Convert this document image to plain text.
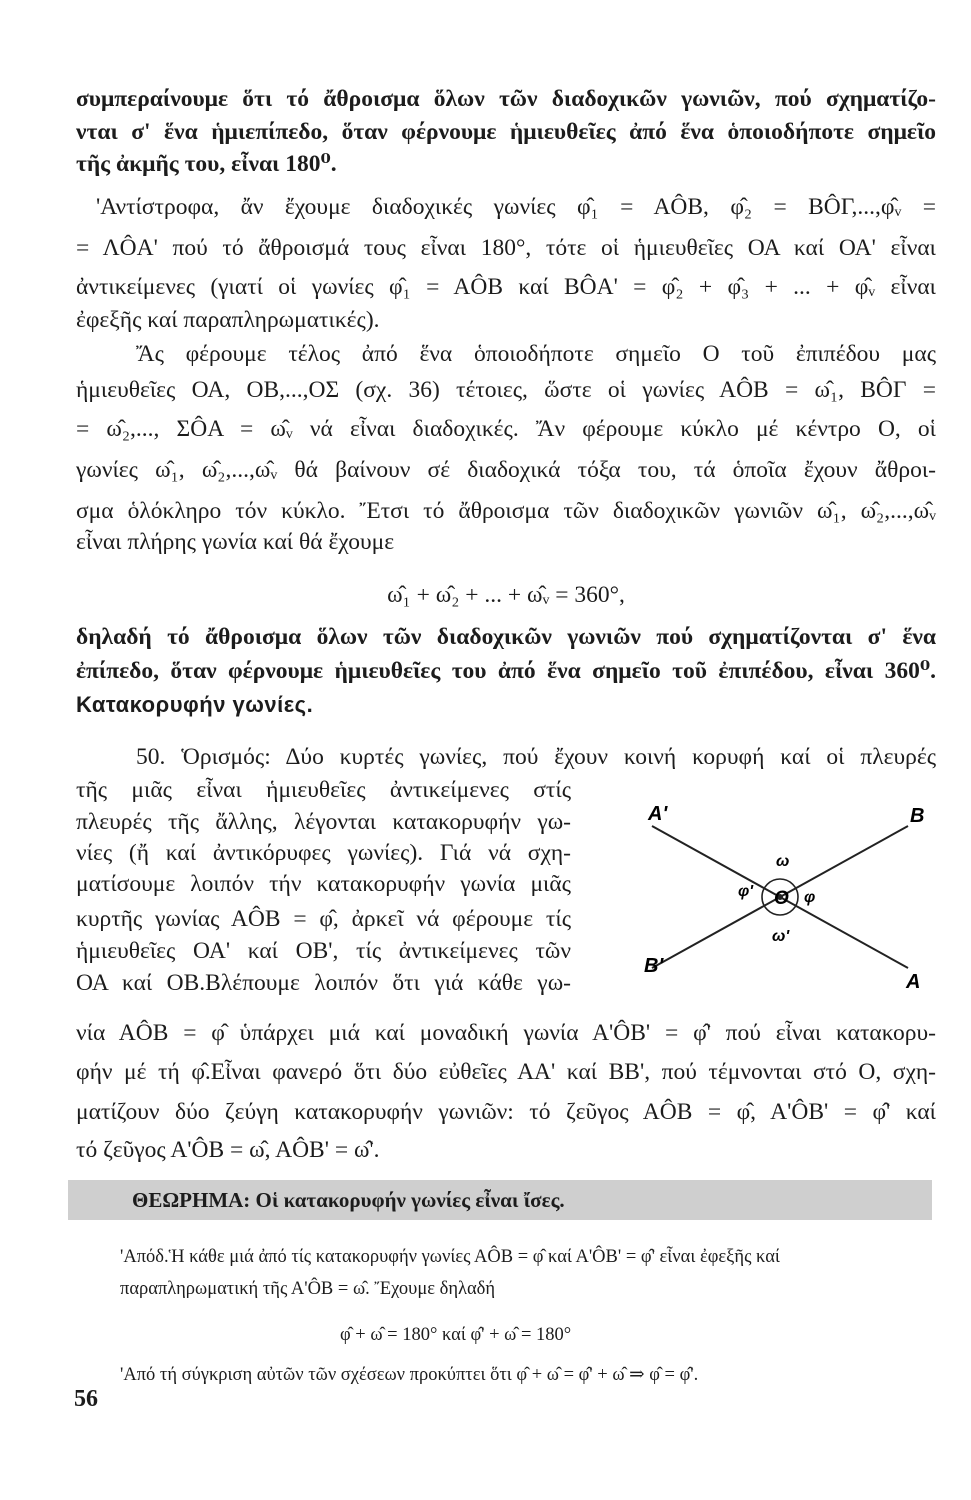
συμπεραίνουμε ὅτι τό ἄθροισμα ὅλων τῶν διαδοχικῶν γωνιῶν, πού σχηματίζο-
νται σ' ἕνα ἡμιεπίπεδο, ὅταν φέρνουμε ἡμιευθεῖες ἀπό ἕνα ὁποιοδήποτε σημεῖο
τῆς ἀκμῆς του, εἶναι 180⁰.
'Αντίστροφα, ἄν ἔχουμε διαδοχικές γωνίες φ̂₁ = ΑÔΒ, φ̂₂ = ΒÔΓ,...,φ̂ᵥ =
= ΛÔΑ' πού τό ἄθροισμά τους εἶναι 180°, τότε οἱ ἡμιευθεῖες ΟΑ καί ΟΑ' εἶναι
ἀντικείμενες (γιατί οἱ γωνίες φ̂₁ = ΑÔΒ καί ΒÔΑ' = φ̂₂ + φ̂₃ + ... + φ̂ᵥ εἶναι
ἐφεξῆς καί παραπληρωματικές).
Ἄς φέρουμε τέλος ἀπό ἕνα ὁποιοδήποτε σημεῖο Ο τοῦ ἐπιπέδου μας
ἡμιευθεῖες ΟΑ, ΟΒ,...,ΟΣ (σχ. 36) τέτοιες, ὥστε οἱ γωνίες ΑÔΒ = ω̂₁, ΒÔΓ =
= ω̂₂,..., ΣÔΑ = ω̂ᵥ νά εἶναι διαδοχικές. Ἄν φέρουμε κύκλο μέ κέντρο Ο, οἱ
γωνίες ω̂₁, ω̂₂,...,ω̂ᵥ θά βαίνουν σέ διαδοχικά τόξα του, τά ὁποῖα ἔχουν ἄθροι-
σμα ὁλόκληρο τόν κύκλο. Ἔτσι τό ἄθροισμα τῶν διαδοχικῶν γωνιῶν ω̂₁, ω̂₂,...,ω̂ᵥ
εἶναι πλήρης γωνία καί θά ἔχουμε
ω̂₁ + ω̂₂ + ... + ω̂ᵥ = 360°,
δηλαδή τό ἄθροισμα ὅλων τῶν διαδοχικῶν γωνιῶν πού σχηματίζονται σ' ἕνα
ἐπίπεδο, ὅταν φέρνουμε ἡμιευθεῖες του ἀπό ἕνα σημεῖο τοῦ ἐπιπέδου, εἶναι 360⁰.
Κατακορυφήν γωνίες.
50. Ὁρισμός: Δύο κυρτές γωνίες, πού ἔχουν κοινή κορυφή καί οἱ πλευρές
τῆς μιᾶς εἶναι ἡμιευθεῖες ἀντικείμενες στίς
πλευρές τῆς ἄλλης, λέγονται κατακορυφήν γω-
νίες (ἤ καί ἀντικόρυφες γωνίες). Γιά νά σχη-
ματίσουμε λοιπόν τήν κατακορυφήν γωνία μιᾶς
κυρτῆς γωνίας ΑÔΒ = φ̂, ἀρκεῖ νά φέρουμε τίς
ἡμιευθεῖες ΟΑ' καί ΟΒ', τίς ἀντικείμενες τῶν
ΟΑ καί ΟΒ.Βλέπουμε λοιπόν ὅτι γιά κάθε γω-
νία ΑÔΒ = φ̂ ὑπάρχει μιά καί μοναδική γωνία Α'ÔΒ' = φ̂' πού εἶναι κατακορυ-
φήν μέ τή φ̂.Εἶναι φανερό ὅτι δύο εὐθεῖες ΑΑ' καί ΒΒ', πού τέμνονται στό Ο, σχη-
ματίζουν δύο ζεύγη κατακορυφήν γωνιῶν: τό ζεῦγος ΑÔΒ = φ̂, Α'ÔΒ' = φ̂' καί
τό ζεῦγος Α'ÔΒ = ω̂, ΑÔΒ' = ω̂'.
A'	B
B'
A
O
ω
ω'
φ
φ'
ΘΕΩΡΗΜΑ: Οἱ κατακορυφήν γωνίες εἶναι ἴσες.
'Απόδ.Ἡ κάθε μιά ἀπό τίς κατακορυφήν γωνίες ΑÔΒ = φ̂ καί Α'ÔΒ' = φ̂' εἶναι ἐφεξῆς καί
παραπληρωματική τῆς Α'ÔΒ = ω̂. Ἔχουμε δηλαδή
φ̂ + ω̂ = 180° καί φ̂' + ω̂ = 180°
'Από τή σύγκριση αὐτῶν τῶν σχέσεων προκύπτει ὅτι φ̂ + ω̂ = φ̂' + ω̂ ⇒ φ̂ = φ̂'.
56
